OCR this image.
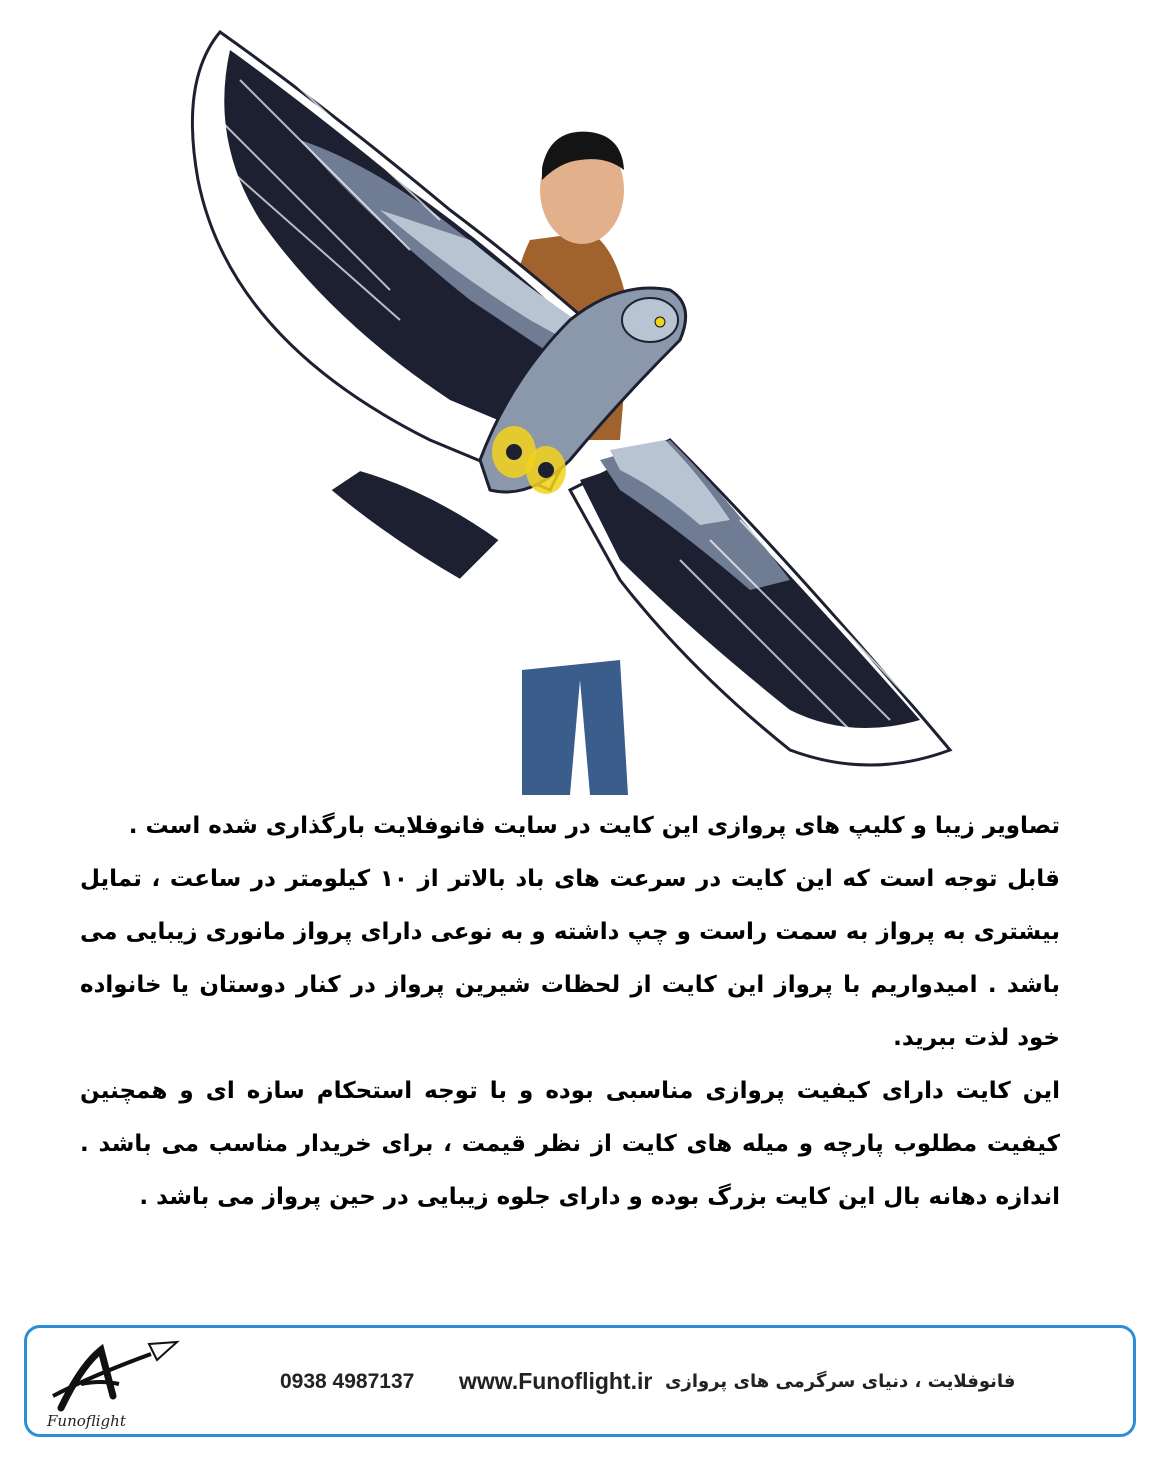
تصاویر زیبا و کلیپ های پروازی این کایت در سایت فانوفلایت بارگذاری شده است .

قابل توجه است که این کایت در سرعت های باد بالاتر از ۱۰ کیلومتر در ساعت ، تمایل بیشتری به پرواز به سمت راست و چپ داشته و به نوعی دارای پرواز مانوری زیبایی می باشد . امیدواریم با پرواز این کایت از لحظات شیرین پرواز در کنار دوستان یا خانواده خود لذت ببرید.

این کایت دارای کیفیت پروازی مناسبی بوده و با توجه استحکام سازه ای و همچنین کیفیت مطلوب پارچه و میله های کایت از نظر قیمت ، برای خریدار مناسب می باشد . اندازه دهانه بال این کایت بزرگ بوده و دارای جلوه زیبایی در حین پرواز می باشد .

Funoflight
0938 4987137 www.Funoflight.ir فانوفلایت ، دنیای سرگرمی های پروازی
